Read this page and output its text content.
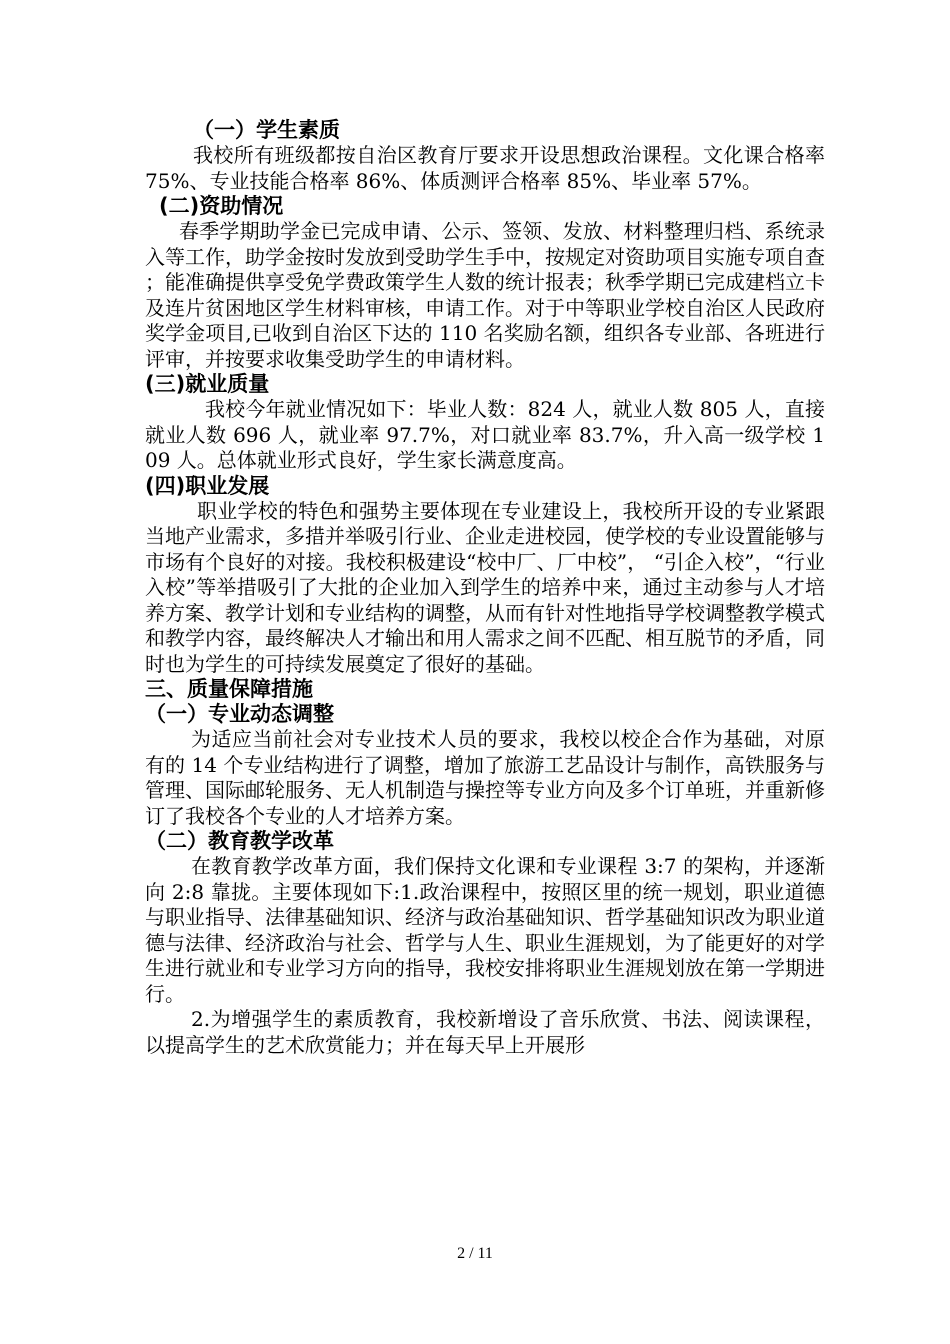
（一）学生素质
我校所有班级都按自治区教育厅要求开设思想政治课程。文化课合格率 75%、专业技能合格率 86%、体质测评合格率 85%、毕业率 57%。
(二)资助情况
春季学期助学金已完成申请、公示、签领、发放、材料整理归档、系统录入等工作，助学金按时发放到受助学生手中，按规定对资助项目实施专项自查；能准确提供享受免学费政策学生人数的统计报表；秋季学期已完成建档立卡及连片贫困地区学生材料审核，申请工作。对于中等职业学校自治区人民政府奖学金项目,已收到自治区下达的 110 名奖励名额，组织各专业部、各班进行评审，并按要求收集受助学生的申请材料。
(三)就业质量
我校今年就业情况如下：毕业人数：824 人，就业人数 805 人，直接就业人数 696 人，就业率 97.7%，对口就业率 83.7%，升入高一级学校 109 人。总体就业形式良好，学生家长满意度高。
(四)职业发展
职业学校的特色和强势主要体现在专业建设上，我校所开设的专业紧跟当地产业需求，多措并举吸引行业、企业走进校园，使学校的专业设置能够与市场有个良好的对接。我校积极建设“校中厂、厂中校”， “引企入校”，“行业入校”等举措吸引了大批的企业加入到学生的培养中来，通过主动参与人才培养方案、教学计划和专业结构的调整，从而有针对性地指导学校调整教学模式和教学内容，最终解决人才输出和用人需求之间不匹配、相互脱节的矛盾，同时也为学生的可持续发展奠定了很好的基础。
三、质量保障措施
（一）专业动态调整
为适应当前社会对专业技术人员的要求，我校以校企合作为基础，对原有的 14 个专业结构进行了调整，增加了旅游工艺品设计与制作，高铁服务与管理、国际邮轮服务、无人机制造与操控等专业方向及多个订单班，并重新修订了我校各个专业的人才培养方案。
（二）教育教学改革
在教育教学改革方面，我们保持文化课和专业课程 3:7 的架构，并逐渐向 2:8 靠拢。主要体现如下:1.政治课程中，按照区里的统一规划，职业道德与职业指导、法律基础知识、经济与政治基础知识、哲学基础知识改为职业道德与法律、经济政治与社会、哲学与人生、职业生涯规划，为了能更好的对学生进行就业和专业学习方向的指导，我校安排将职业生涯规划放在第一学期进行。
2.为增强学生的素质教育，我校新增设了音乐欣赏、书法、阅读课程，以提高学生的艺术欣赏能力；并在每天早上开展形
2 / 11
